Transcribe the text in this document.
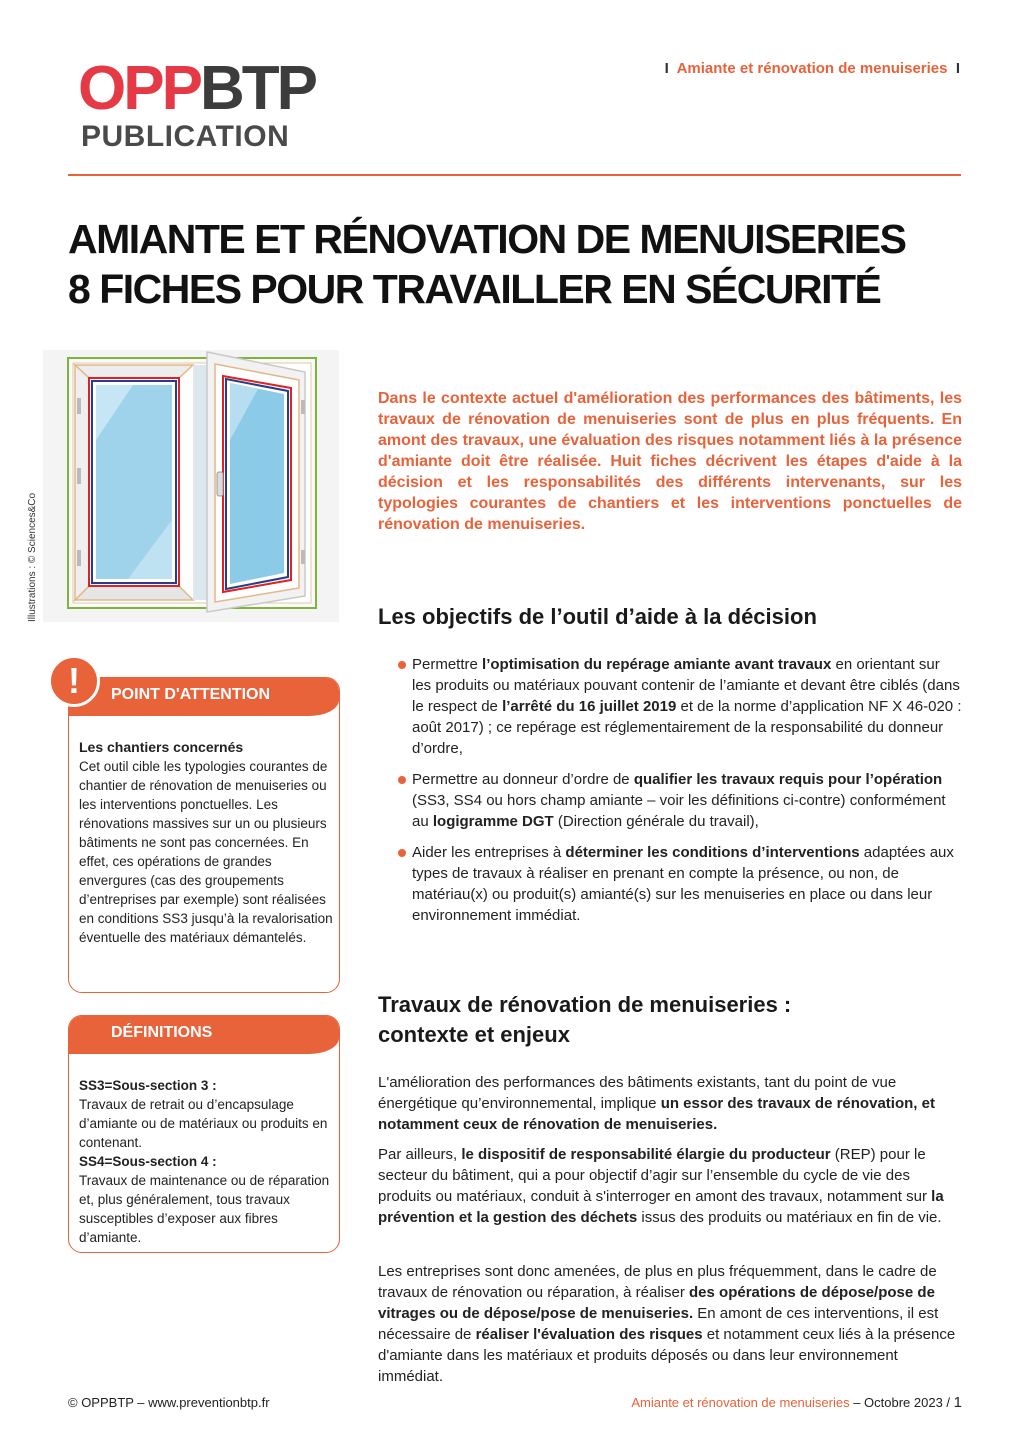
OPPBTP
PUBLICATION
I Amiante et rénovation de menuiseries I
AMIANTE ET RÉNOVATION DE MENUISERIES
8 FICHES POUR TRAVAILLER EN SÉCURITÉ
Illustrations : © Sciences&Co

Dans le contexte actuel d'amélioration des performances des bâtiments, les travaux de rénovation de menuiseries sont de plus en plus fréquents. En amont des travaux, une évaluation des risques notamment liés à la présence d'amiante doit être réalisée. Huit fiches décrivent les étapes d'aide à la décision et les responsabilités des différents intervenants, sur les typologies courantes de chantiers et les interventions ponctuelles de rénovation de menuiseries.

Les objectifs de l’outil d’aide à la décision
Permettre l’optimisation du repérage amiante avant travaux en orientant sur les produits ou matériaux pouvant contenir de l’amiante et devant être ciblés (dans le respect de l’arrêté du 16 juillet 2019 et de la norme d’application NF X 46-020 : août 2017) ; ce repérage est réglementairement de la responsabilité du donneur d’ordre,
Permettre au donneur d’ordre de qualifier les travaux requis pour l’opération (SS3, SS4 ou hors champ amiante – voir les définitions ci-contre) conformément au logigramme DGT (Direction générale du travail),
Aider les entreprises à déterminer les conditions d’interventions adaptées aux types de travaux à réaliser en prenant en compte la présence, ou non, de matériau(x) ou produit(s) amianté(s) sur les menuiseries en place ou dans leur environnement immédiat.
Travaux de rénovation de menuiseries :
contexte et enjeux

L'amélioration des performances des bâtiments existants, tant du point de vue énergétique qu’environnemental, implique un essor des travaux de rénovation, et notamment ceux de rénovation de menuiseries.

Par ailleurs, le dispositif de responsabilité élargie du producteur (REP) pour le secteur du bâtiment, qui a pour objectif d’agir sur l’ensemble du cycle de vie des produits ou matériaux, conduit à s'interroger en amont des travaux, notamment sur la prévention et la gestion des déchets issus des produits ou matériaux en fin de vie.

Les entreprises sont donc amenées, de plus en plus fréquemment, dans le cadre de travaux de rénovation ou réparation, à réaliser des opérations de dépose/pose de vitrages ou de dépose/pose de menuiseries. En amont de ces interventions, il est nécessaire de réaliser l'évaluation des risques et notamment ceux liés à la présence d'amiante dans les matériaux et produits déposés ou dans leur environnement immédiat.

POINT D'ATTENTION
Les chantiers concernés
Cet outil cible les typologies courantes de chantier de rénovation de menuiseries ou les interventions ponctuelles. Les rénovations massives sur un ou plusieurs bâtiments ne sont pas concernées. En effet, ces opérations de grandes envergures (cas des groupements d’entreprises par exemple) sont réalisées en conditions SS3 jusqu’à la revalorisation éventuelle des matériaux démantelés.
!
DÉFINITIONS
SS3=Sous-section 3 :
Travaux de retrait ou d’encapsulage d’amiante ou de matériaux ou produits en contenant.
SS4=Sous-section 4 :
Travaux de maintenance ou de réparation et, plus généralement, tous travaux susceptibles d’exposer aux fibres d’amiante.
© OPPBTP – www.preventionbtp.fr	Amiante et rénovation de menuiseries – Octobre 2023 / 1
